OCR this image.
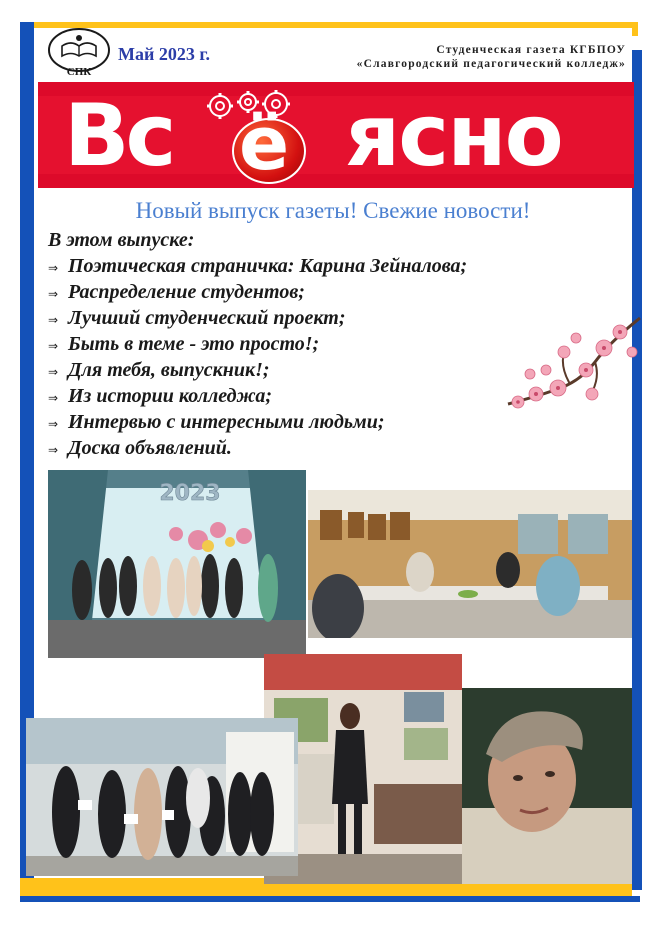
СПК
Май 2023 г.	Студенческая газета КГБПОУ
«Славгородский педагогический колледж»
Вс ё ясно
Новый выпуск газеты! Свежие новости!
В этом выпуске:
⇒ Поэтическая страничка: Карина Зейналова;
⇒ Распределение студентов;
⇒ Лучший студенческий проект;
⇒ Быть в теме - это просто!;
⇒ Для тебя, выпускник!;
⇒ Из истории колледжа;
⇒ Интервью с интересными людьми;
⇒ Доска объявлений.
2023
